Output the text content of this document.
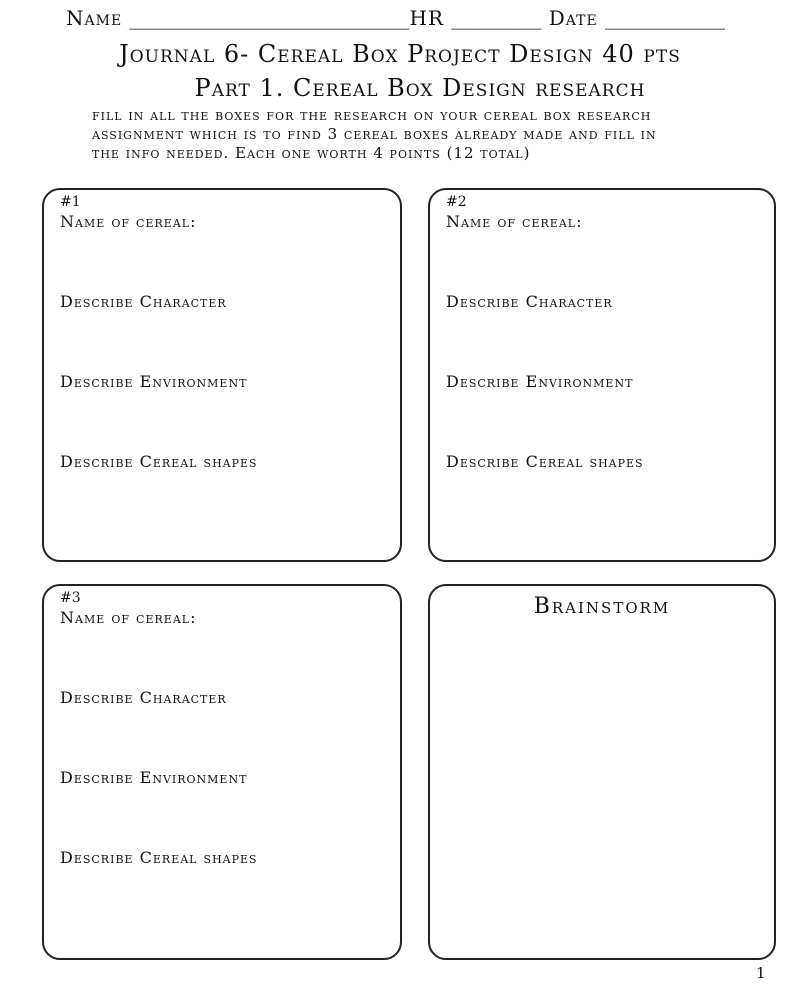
Name ____________________________HR _________ Date ____________
Journal 6- Cereal Box Project Design 40 pts
Part 1. Cereal Box Design research
fill in all the boxes for the research on your cereal box research
assignment which is to find 3 cereal boxes already made and fill in
the info needed. Each one worth 4 points (12 total)
#1
Name of cereal:
Describe Character
Describe Environment
Describe Cereal shapes
#2
Name of cereal:
Describe Character
Describe Environment
Describe Cereal shapes
#3
Name of cereal:
Describe Character
Describe Environment
Describe Cereal shapes
Brainstorm
1
